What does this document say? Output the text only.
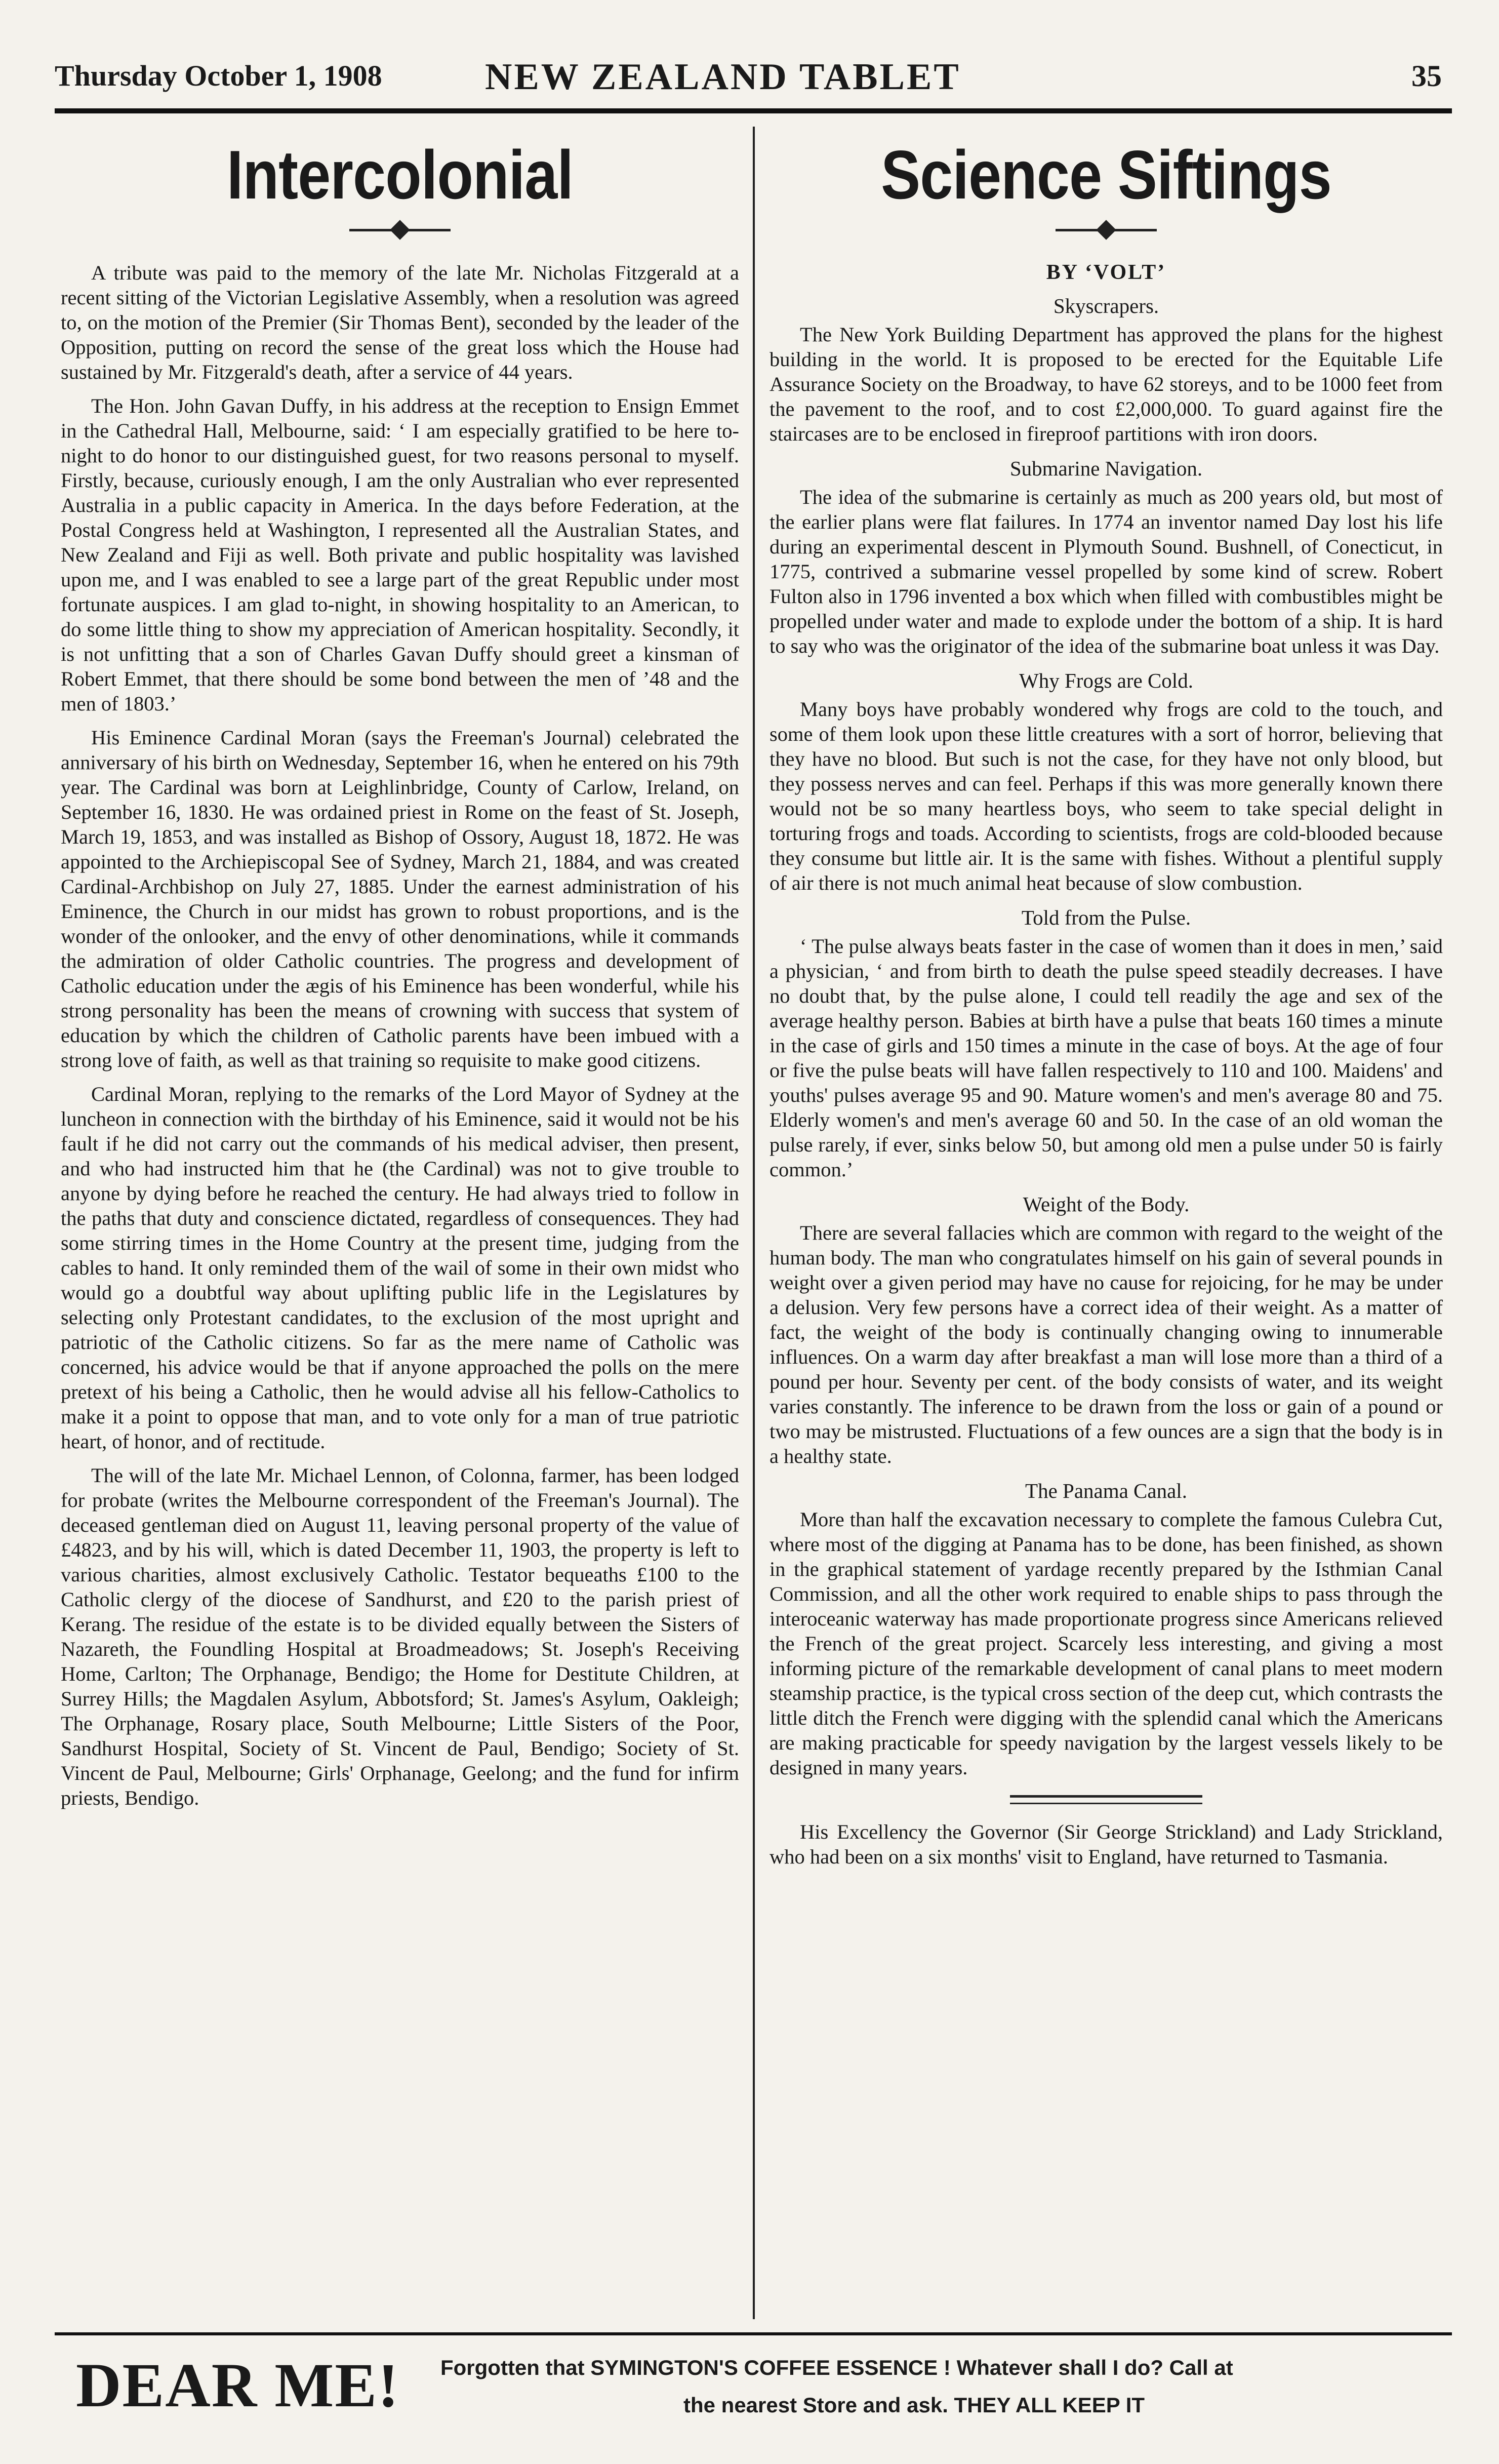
Thursday October 1, 1908	NEW ZEALAND TABLET	35
Intercolonial

A tribute was paid to the memory of the late Mr. Nicholas Fitzgerald at a recent sitting of the Victorian Legislative Assembly, when a resolution was agreed to, on the motion of the Premier (Sir Thomas Bent), seconded by the leader of the Opposition, putting on record the sense of the great loss which the House had sustained by Mr. Fitzgerald's death, after a service of 44 years.

The Hon. John Gavan Duffy, in his address at the reception to Ensign Emmet in the Cathedral Hall, Melbourne, said: ‘ I am especially gratified to be here to-night to do honor to our distinguished guest, for two reasons personal to myself. Firstly, because, curiously enough, I am the only Australian who ever represented Australia in a public capacity in America. In the days before Federation, at the Postal Congress held at Washington, I represented all the Australian States, and New Zealand and Fiji as well. Both private and public hospitality was lavished upon me, and I was enabled to see a large part of the great Republic under most fortunate auspices. I am glad to-night, in showing hospitality to an American, to do some little thing to show my appreciation of American hospitality. Secondly, it is not unfitting that a son of Charles Gavan Duffy should greet a kinsman of Robert Emmet, that there should be some bond between the men of ’48 and the men of 1803.’

His Eminence Cardinal Moran (says the Freeman's Journal) celebrated the anniversary of his birth on Wednesday, September 16, when he entered on his 79th year. The Cardinal was born at Leighlinbridge, County of Carlow, Ireland, on September 16, 1830. He was ordained priest in Rome on the feast of St. Joseph, March 19, 1853, and was installed as Bishop of Ossory, August 18, 1872. He was appointed to the Archiepiscopal See of Sydney, March 21, 1884, and was created Cardinal-Archbishop on July 27, 1885. Under the earnest administration of his Eminence, the Church in our midst has grown to robust proportions, and is the wonder of the onlooker, and the envy of other denominations, while it commands the admiration of older Catholic countries. The progress and development of Catholic education under the ægis of his Eminence has been wonderful, while his strong personality has been the means of crowning with success that system of education by which the children of Catholic parents have been imbued with a strong love of faith, as well as that training so requisite to make good citizens.

Cardinal Moran, replying to the remarks of the Lord Mayor of Sydney at the luncheon in connection with the birthday of his Eminence, said it would not be his fault if he did not carry out the commands of his medical adviser, then present, and who had instructed him that he (the Cardinal) was not to give trouble to anyone by dying before he reached the century. He had always tried to follow in the paths that duty and conscience dictated, regardless of consequences. They had some stirring times in the Home Country at the present time, judging from the cables to hand. It only reminded them of the wail of some in their own midst who would go a doubtful way about uplifting public life in the Legislatures by selecting only Protestant candidates, to the exclusion of the most upright and patriotic of the Catholic citizens. So far as the mere name of Catholic was concerned, his advice would be that if anyone approached the polls on the mere pretext of his being a Catholic, then he would advise all his fellow-Catholics to make it a point to oppose that man, and to vote only for a man of true patriotic heart, of honor, and of rectitude.

The will of the late Mr. Michael Lennon, of Colonna, farmer, has been lodged for probate (writes the Melbourne correspondent of the Freeman's Journal). The deceased gentleman died on August 11, leaving personal property of the value of £4823, and by his will, which is dated December 11, 1903, the property is left to various charities, almost exclusively Catholic. Testator bequeaths £100 to the Catholic clergy of the diocese of Sandhurst, and £20 to the parish priest of Kerang. The residue of the estate is to be divided equally between the Sisters of Nazareth, the Foundling Hospital at Broadmeadows; St. Joseph's Receiving Home, Carlton; The Orphanage, Bendigo; the Home for Destitute Children, at Surrey Hills; the Magdalen Asylum, Abbotsford; St. James's Asylum, Oakleigh; The Orphanage, Rosary place, South Melbourne; Little Sisters of the Poor, Sandhurst Hospital, Society of St. Vincent de Paul, Bendigo; Society of St. Vincent de Paul, Melbourne; Girls' Orphanage, Geelong; and the fund for infirm priests, Bendigo.

Science Siftings
BY ‘VOLT’
Skyscrapers.

The New York Building Department has approved the plans for the highest building in the world. It is proposed to be erected for the Equitable Life Assurance Society on the Broadway, to have 62 storeys, and to be 1000 feet from the pavement to the roof, and to cost £2,000,000. To guard against fire the staircases are to be enclosed in fireproof partitions with iron doors.

Submarine Navigation.

The idea of the submarine is certainly as much as 200 years old, but most of the earlier plans were flat failures. In 1774 an inventor named Day lost his life during an experimental descent in Plymouth Sound. Bushnell, of Conecticut, in 1775, contrived a submarine vessel propelled by some kind of screw. Robert Fulton also in 1796 invented a box which when filled with combustibles might be propelled under water and made to explode under the bottom of a ship. It is hard to say who was the originator of the idea of the submarine boat unless it was Day.

Why Frogs are Cold.

Many boys have probably wondered why frogs are cold to the touch, and some of them look upon these little creatures with a sort of horror, believing that they have no blood. But such is not the case, for they have not only blood, but they possess nerves and can feel. Perhaps if this was more generally known there would not be so many heartless boys, who seem to take special delight in torturing frogs and toads. According to scientists, frogs are cold-blooded because they consume but little air. It is the same with fishes. Without a plentiful supply of air there is not much animal heat because of slow combustion.

Told from the Pulse.

‘ The pulse always beats faster in the case of women than it does in men,’ said a physician, ‘ and from birth to death the pulse speed steadily decreases. I have no doubt that, by the pulse alone, I could tell readily the age and sex of the average healthy person. Babies at birth have a pulse that beats 160 times a minute in the case of girls and 150 times a minute in the case of boys. At the age of four or five the pulse beats will have fallen respectively to 110 and 100. Maidens' and youths' pulses average 95 and 90. Mature women's and men's average 80 and 75. Elderly women's and men's average 60 and 50. In the case of an old woman the pulse rarely, if ever, sinks below 50, but among old men a pulse under 50 is fairly common.’

Weight of the Body.

There are several fallacies which are common with regard to the weight of the human body. The man who congratulates himself on his gain of several pounds in weight over a given period may have no cause for rejoicing, for he may be under a delusion. Very few persons have a correct idea of their weight. As a matter of fact, the weight of the body is continually changing owing to innumerable influences. On a warm day after breakfast a man will lose more than a third of a pound per hour. Seventy per cent. of the body consists of water, and its weight varies constantly. The inference to be drawn from the loss or gain of a pound or two may be mistrusted. Fluctuations of a few ounces are a sign that the body is in a healthy state.

The Panama Canal.

More than half the excavation necessary to complete the famous Culebra Cut, where most of the digging at Panama has to be done, has been finished, as shown in the graphical statement of yardage recently prepared by the Isthmian Canal Commission, and all the other work required to enable ships to pass through the interoceanic waterway has made proportionate progress since Americans relieved the French of the great project. Scarcely less interesting, and giving a most informing picture of the remarkable development of canal plans to meet modern steamship practice, is the typical cross section of the deep cut, which contrasts the little ditch the French were digging with the splendid canal which the Americans are making practicable for speedy navigation by the largest vessels likely to be designed in many years.

His Excellency the Governor (Sir George Strickland) and Lady Strickland, who had been on a six months' visit to England, have returned to Tasmania.

DEAR ME! Forgotten that SYMINGTON'S COFFEE ESSENCE ! Whatever shall I do? Call at
the nearest Store and ask. THEY ALL KEEP IT
